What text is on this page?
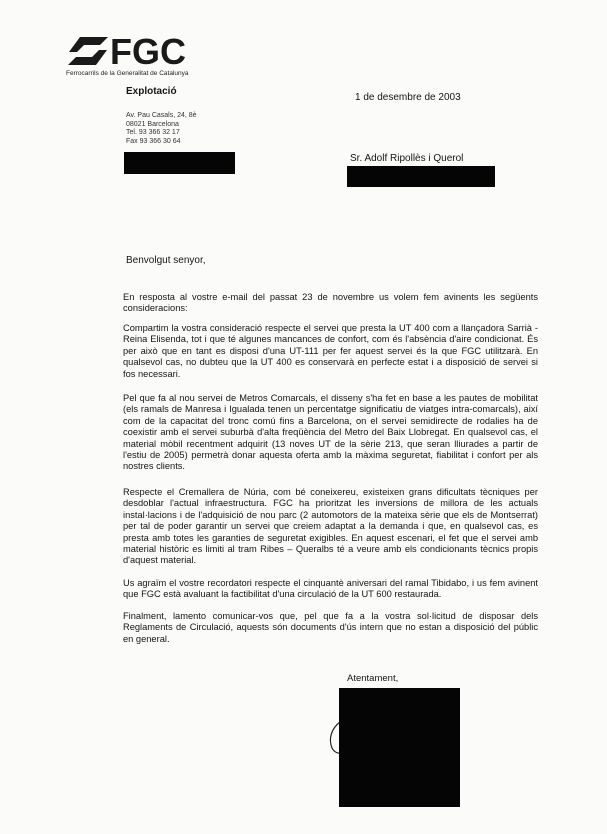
FGC
Ferrocarrils de la Generalitat de Catalunya
Explotació
1 de desembre de 2003
Av. Pau Casals, 24, 8è
08021 Barcelona
Tel. 93 366 32 17
Fax 93 366 30 64
Sr. Adolf Ripollès i Querol
Benvolgut senyor,

En resposta al vostre e-mail del passat 23 de novembre us volem fem avinents les següents consideracions:

Compartim la vostra consideració respecte el servei que presta la UT 400 com a llançadora Sarrià - Reina Elisenda, tot i que té algunes mancances de confort, com és l'absència d'aire condicionat. És per això que en tant es disposi d'una UT-111 per fer aquest servei és la que FGC utilitzarà. En qualsevol cas, no dubteu que la UT 400 es conservarà en perfecte estat i a disposició de servei si fos necessari.

Pel que fa al nou servei de Metros Comarcals, el disseny s'ha fet en base a les pautes de mobilitat (els ramals de Manresa i Igualada tenen un percentatge significatiu de viatges intra-comarcals), així com de la capacitat del tronc comú fins a Barcelona, on el servei semidirecte de rodalies ha de coexistir amb el servei suburbà d'alta freqüència del Metro del Baix Llobregat. En qualsevol cas, el material mòbil recentment adquirit (13 noves UT de la sèrie 213, que seran lliurades a partir de l'estiu de 2005) permetrà donar aquesta oferta amb la màxima seguretat, fiabilitat i confort per als nostres clients.

Respecte el Cremallera de Núria, com bé coneixereu, existeixen grans dificultats tècniques per desdoblar l'actual infraestructura. FGC ha prioritzat les inversions de millora de les actuals instal·lacions i de l'adquisició de nou parc (2 automotors de la mateixa sèrie que els de Montserrat) per tal de poder garantir un servei que creiem adaptat a la demanda i que, en qualsevol cas, es presta amb totes les garanties de seguretat exigibles. En aquest escenari, el fet que el servei amb material històric es limiti al tram Ribes – Queralbs té a veure amb els condicionants tècnics propis d'aquest material.

Us agraïm el vostre recordatori respecte el cinquantè aniversari del ramal Tibidabo, i us fem avinent que FGC està avaluant la factibilitat d'una circulació de la UT 600 restaurada.

Finalment, lamento comunicar-vos que, pel que fa a la vostra sol·licitud de disposar dels Reglaments de Circulació, aquests són documents d'ús intern que no estan a disposició del públic en general.

Atentament,
